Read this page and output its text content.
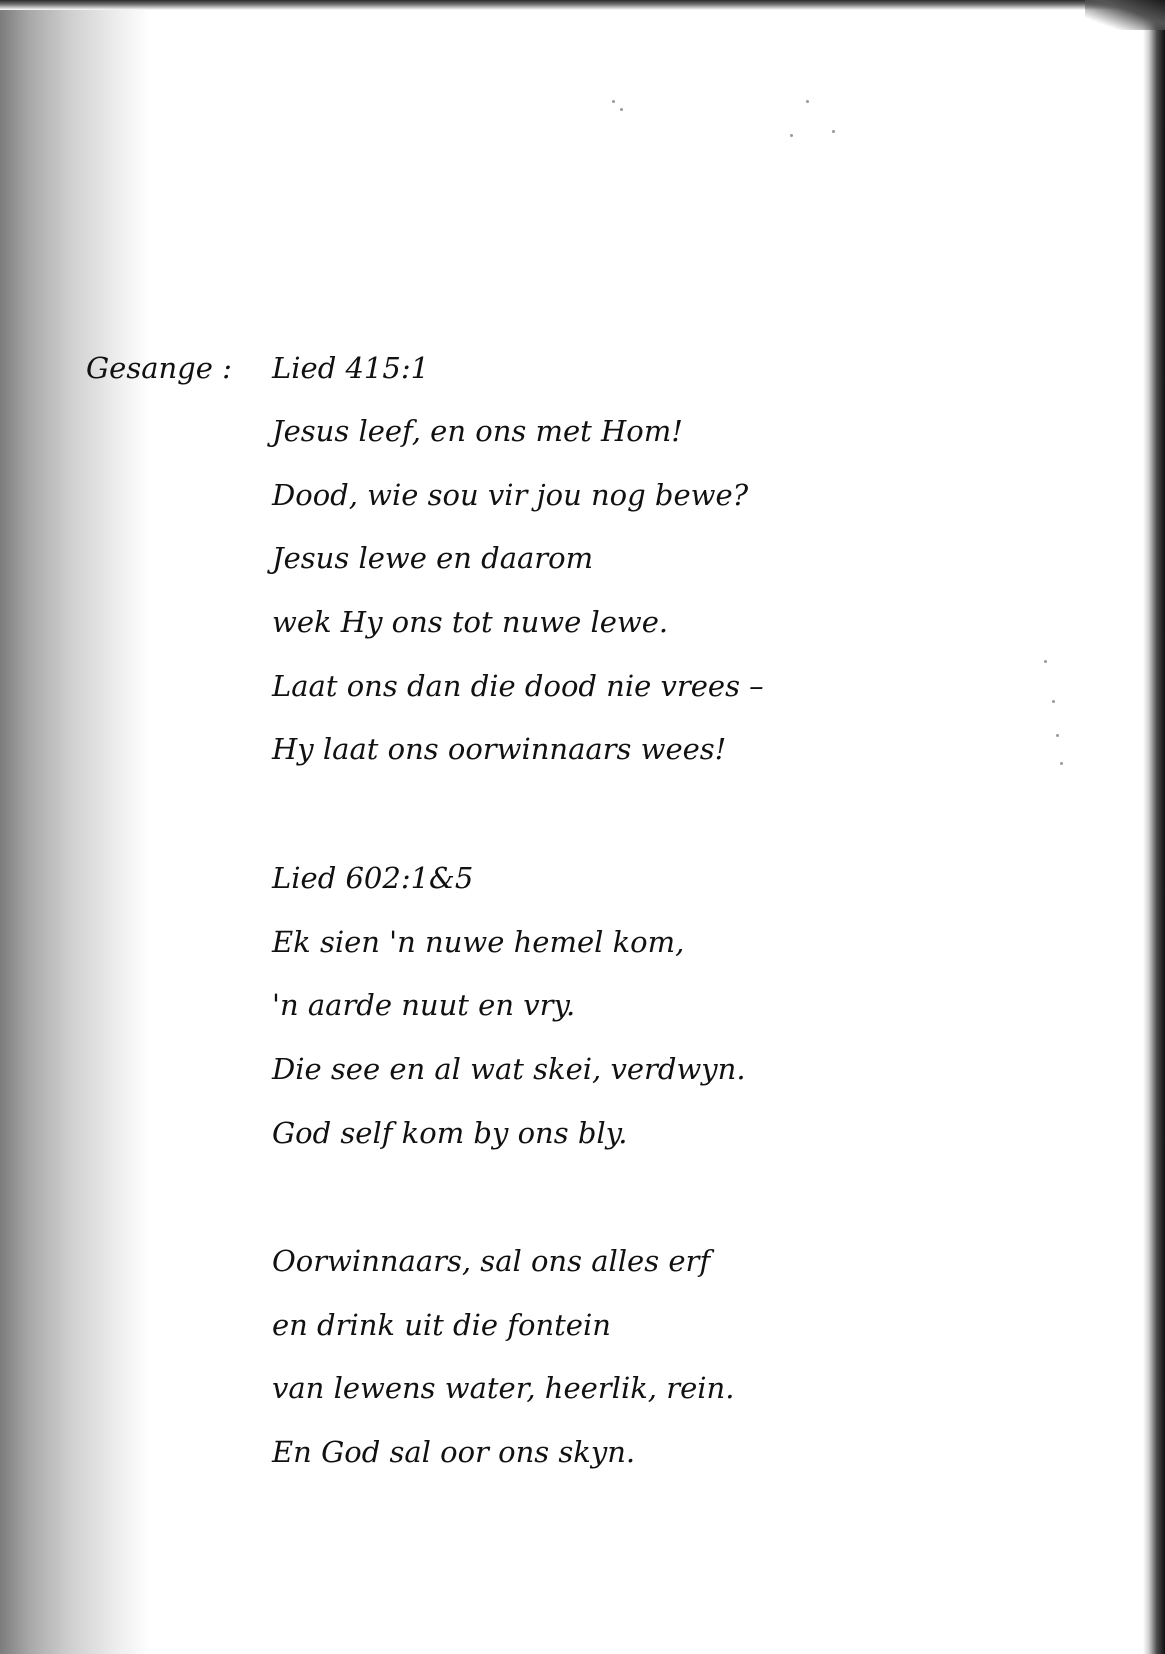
Gesange : Lied 415:1
Jesus leef, en ons met Hom!
Dood, wie sou vir jou nog bewe?
Jesus lewe en daarom
wek Hy ons tot nuwe lewe.
Laat ons dan die dood nie vrees –
Hy laat ons oorwinnaars wees!
Lied 602:1&5
Ek sien 'n nuwe hemel kom,
'n aarde nuut en vry.
Die see en al wat skei, verdwyn.
God self kom by ons bly.
Oorwinnaars, sal ons alles erf
en drink uit die fontein
van lewens water, heerlik, rein.
En God sal oor ons skyn.
